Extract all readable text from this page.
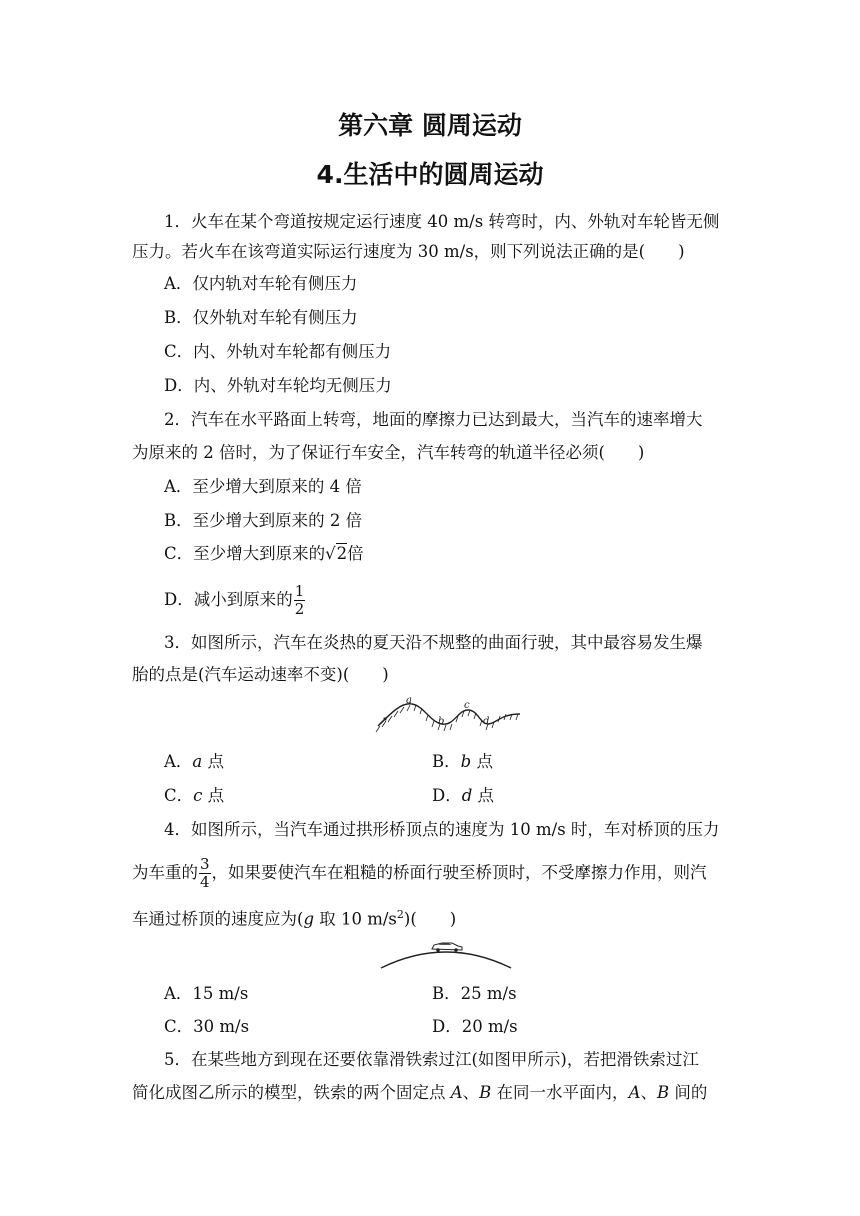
第六章 圆周运动
4.生活中的圆周运动
1．火车在某个弯道按规定运行速度 40 m/s 转弯时，内、外轨对车轮皆无侧
压力。若火车在该弯道实际运行速度为 30 m/s，则下列说法正确的是(　　)
A．仅内轨对车轮有侧压力
B．仅外轨对车轮有侧压力
C．内、外轨对车轮都有侧压力
D．内、外轨对车轮均无侧压力
2．汽车在水平路面上转弯，地面的摩擦力已达到最大，当汽车的速率增大
为原来的 2 倍时，为了保证行车安全，汽车转弯的轨道半径必须(　　)
A．至少增大到原来的 4 倍
B．至少增大到原来的 2 倍
C．至少增大到原来的√2倍
D．减小到原来的 $\frac{1}{2}$
3．如图所示，汽车在炎热的夏天沿不规整的曲面行驶，其中最容易发生爆
胎的点是(汽车运动速率不变)(　　)
a
b
c
d
A．a 点	B．b 点
C．c 点	D．d 点
4．如图所示，当汽车通过拱形桥顶点的速度为 10 m/s 时，车对桥顶的压力
为车重的 $\frac{3}{4}$ ，如果要使汽车在粗糙的桥面行驶至桥顶时，不受摩擦力作用，则汽
车通过桥顶的速度应为(g 取 10 $m/s^2$)(　　)
A．15 m/s	B．25 m/s
C．30 m/s	D．20 m/s
5．在某些地方到现在还要依靠滑铁索过江(如图甲所示)，若把滑铁索过江
简化成图乙所示的模型，铁索的两个固定点 A、B 在同一水平面内，A、B 间的
